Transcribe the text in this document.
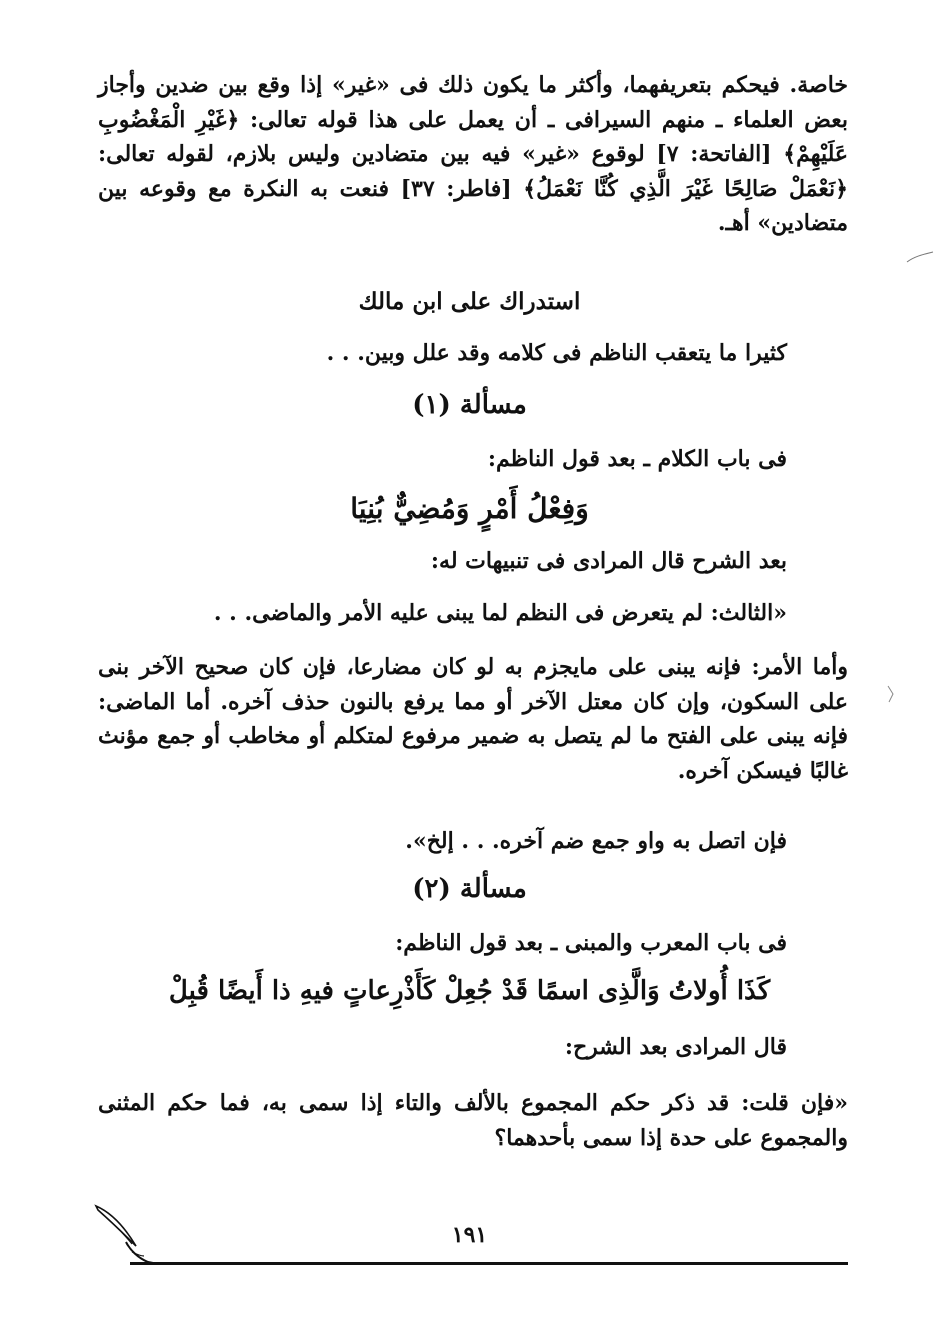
خاصة. فيحكم بتعريفهما، وأكثر ما يكون ذلك فى «غير» إذا وقع بين ضدين وأجاز بعض العلماء ـ منهم السيرافى ـ أن يعمل على هذا قوله تعالى: ﴿غَيْرِ الْمَغْضُوبِ عَلَيْهِمْ﴾ [الفاتحة: ٧] لوقوع «غير» فيه بين متضادين وليس بلازم، لقوله تعالى: ﴿نَعْمَلْ صَالِحًا غَيْرَ الَّذِي كُنَّا نَعْمَلُ﴾ [فاطر: ٣٧] فنعت به النكرة مع وقوعه بين متضادين» أهـ.
استدراك على ابن مالك
كثيرا ما يتعقب الناظم فى كلامه وقد علل وبين. . .
مسألة (١)
فى باب الكلام ـ بعد قول الناظم:
وَفِعْلُ أَمْرٍ وَمُضِيٌّ بُنِيَا
بعد الشرح قال المرادى فى تنبيهات له:
«الثالث: لم يتعرض فى النظم لما يبنى عليه الأمر والماضى. . .
وأما الأمر: فإنه يبنى على مايجزم به لو كان مضارعا، فإن كان صحيح الآخر بنى على السكون، وإن كان معتل الآخر أو مما يرفع بالنون حذف آخره. أما الماضى: فإنه يبنى على الفتح ما لم يتصل به ضمير مرفوع لمتكلم أو مخاطب أو جمع مؤنث غالبًا فيسكن آخره.
فإن اتصل به واو جمع ضم آخره. . . إلخ».
مسألة (٢)
فى باب المعرب والمبنى ـ بعد قول الناظم:
كَذَا أُولاتُ وَالَّذِى اسمًا قَدْ جُعِلْ كَأَذْرِعاتٍ فيهِ ذا أَيضًا قُبِلْ
قال المرادى بعد الشرح:
«فإن قلت: قد ذكر حكم المجموع بالألف والتاء إذا سمى به، فما حكم المثنى والمجموع على حدة إذا سمى بأحدهما؟
١٩١
